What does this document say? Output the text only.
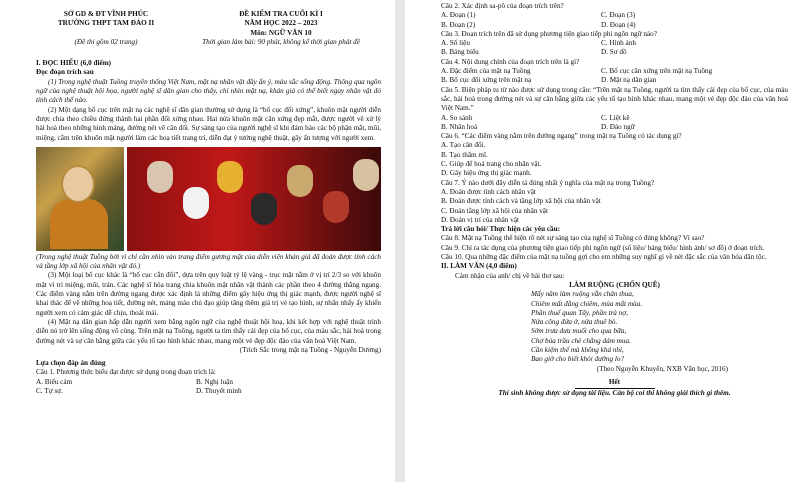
SỞ GD & ĐT VĨNH PHÚC
TRƯỜNG THPT TAM ĐẢO II
(Đề thi gồm 02 trang)
ĐỀ KIỂM TRA CUỐI KÌ I
NĂM HỌC 2022 – 2023
Môn: NGỮ VĂN 10
Thời gian làm bài: 90 phút, không kể thời gian phát đề
I. ĐỌC HIỂU (6,0 điểm)
Đọc đoạn trích sau
(1) Trong nghệ thuật Tuồng truyền thống Việt Nam, mặt nạ nhân vật đầy ấn ý, màu sắc sống động. Thông qua ngôn ngữ của nghệ thuật hội họa, người nghệ sĩ dân gian cho thấy, chỉ nhìn mặt nạ, khán giả có thể biết ngay nhân vật đó tính cách thế nào.
(2) Một dạng bố cục trên mặt nạ các nghệ sĩ dân gian thường sử dụng là “bố cục đối xứng”, khuôn mặt người diễn được chia theo chiều đứng thành hai phần đối xứng nhau. Hai nửa khuôn mặt cân xứng đẹp mắt, được người vẽ xử lý hài hoà theo những hình mảng, đường nét vẽ cân đối. Sự sáng tạo của người nghệ sĩ khi đảm bảo các bộ phận mắt, mũi, miệng, cằm trên khuôn mặt người làm các hoạ tiết trang trí, diễn đạt ý tưởng nghệ thuật, gây ấn tượng với người xem.
(Trong nghệ thuật Tuồng bởi vì chỉ cần nhìn vào trang điểm gương mặt của diễn viên khán giả đã đoán được tính cách và tầng lớp xã hội của nhân vật đó.)
(3) Một loại bố cục khác là “bố cục cắn đối”, dựa trên quy luật tỷ lệ vàng - trục mặt nằm ở vị trí 2/3 so với khuôn mặt vì trí miệng, mũi, trán. Các nghệ sĩ hóa trang chia khuôn mặt nhân vật thành các phần theo 4 đường thẳng ngang. Các điểm vàng nằm trên đường ngang được xác định là những điểm gây hiệu ứng thị giác mạnh, được người nghệ sĩ khai thác để vẽ những hoạ tiết, đường nét, mảng màu chủ đạo giúp tăng thêm giá trị vẻ tạo hình, sự nhấn nhấy ấy khiến người xem có cảm giác dễ chịu, thoải mái.
(4) Mặt nạ dân gian hấp dẫn người xem bằng ngôn ngữ của nghệ thuật hội hoạ, khi kết hợp với nghệ thuật trình diễn nó trở lên sống động vô cùng. Trên mặt nạ Tuồng, người ta tìm thấy cái đẹp của bố cục, của màu sắc, hài hoà trong đường nét và sự cân bằng giữa các yếu tố tạo hình khác nhau, mang một vẻ đẹp độc đáo của văn hoá Việt Nam.
(Trích Sắc trong mặt nạ Tuồng - Nguyễn Dương)
Lựa chọn đáp án đúng
Câu 1. Phương thức biểu đạt được sử dụng trong đoạn trích là:
A. Biểu cảm	B. Nghị luận
C. Tự sự.	D. Thuyết minh
Câu 2. Xác định sa-pô của đoạn trích trên?
A. Đoạn (1)	C. Đoạn (3)
B. Đoạn (2)	D. Đoạn (4)
Câu 3. Đoạn trích trên đã sử dụng phương tiện giao tiếp phi ngôn ngữ nào?
A. Số liệu	C. Hình ảnh
B. Bảng biểu	D. Sơ đồ
Câu 4. Nội dung chính của đoạn trích trên là gì?
A. Đặc điểm của mặt nạ Tuồng	C. Bố cục cân xứng trên mặt nạ Tuồng
B. Bố cục đối xứng trên mặt nạ	D. Mặt nạ dân gian
Câu 5. Biện pháp tu từ nào được sử dụng trong câu: “Trên mặt nạ Tuồng, người ta tìm thấy cái đẹp của bố cục, của màu sắc, hài hoà trong đường nét và sự cân bằng giữa các yếu tố tạo hình khác nhau, mang một vẻ đẹp độc đáo của văn hoá Việt Nam.”
A. So sánh	C. Liệt kê
B. Nhân hoá	D. Đảo ngữ
Câu 6. “Các điểm vàng nằm trên đường ngang” trong mặt nạ Tuồng có tác dụng gì?
A. Tạo cân đối.
B. Tạo thẩm mĩ.
C. Giúp để hoá trang cho nhân vật.
D. Gây hiệu ứng thị giác mạnh.
Câu 7. Ý nào dưới đây diễn tả đúng nhất ý nghĩa của mặt nạ trong Tuồng?
A. Đoán được tính cách nhân vật
B. Đoán được tính cách và tầng lớp xã hội của nhân vật
C. Đoán tầng lớp xã hội của nhân vật
D. Đoán vị trí của nhân vật
Trả lời câu hỏi/ Thực hiện các yêu cầu:
Câu 8. Mặt nạ Tuồng thể hiện rõ nét sự sáng tạo của nghệ sĩ Tuồng có đúng không? Vì sao?
Câu 9. Chỉ ra tác dụng của phương tiện giao tiếp phi ngôn ngữ (số liệu/ bảng biểu/ hình ảnh/ sơ đồ) ở đoạn trích.
Câu 10. Qua những đặc điểm của mặt nạ tuồng gợi cho em những suy nghĩ gì về nét đặc sắc của văn hóa dân tộc.
II. LÀM VĂN (4,0 điểm)
Cảm nhận của anh/ chị về bài thơ sau:
LÀM RUỘNG (CHỐN QUÊ)
Mấy năm làm ruộng vẫn chân thua,
Chiêm mất đằng chiêm, mùa mất mùa.
Phần thuế quan Tây, phần trả nợ,
Nửa công đứa ở, nửa thuê bò.
Sớm trưa dưa muối cho qua bữa,
Chợ búa trầu chè chẳng dám mua.
Cần kiệm thế mà không khá nhỉ,
Bao giờ cho biết khỏi đường lo?
(Theo Nguyễn Khuyến, NXB Văn học, 2016)
Hết
Thí sinh không được sử dụng tài liệu. Cán bộ coi thi không giải thích gì thêm.
